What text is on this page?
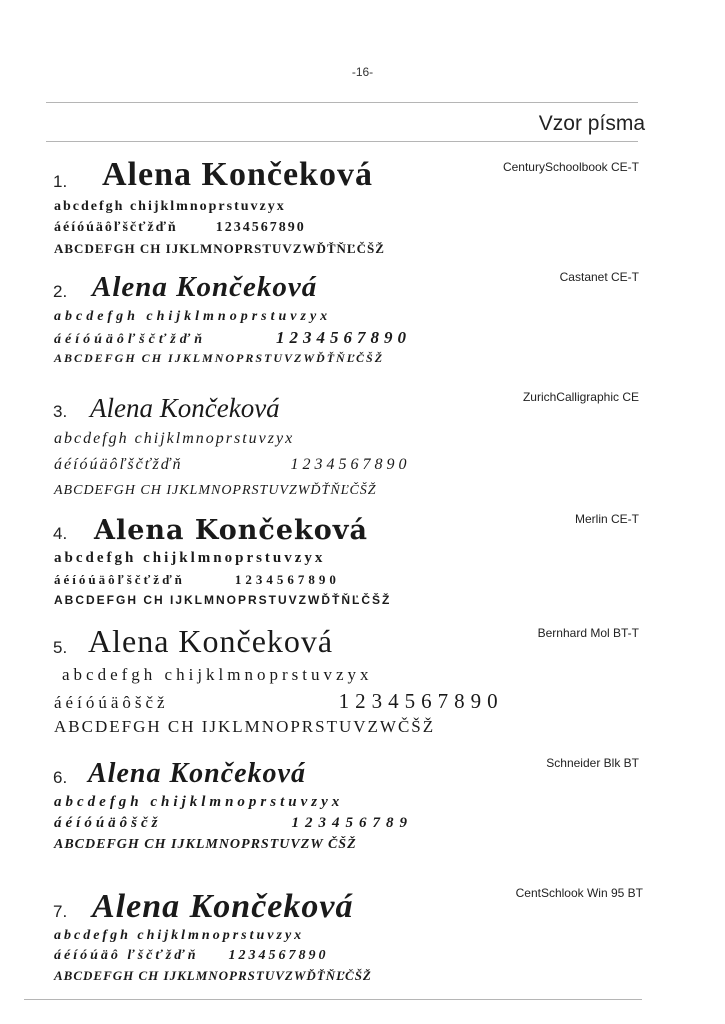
-16-
Vzor písma
1. Alena Končeková	CenturySchoolbook CE-T
abcdefgh chijklmnoprstuvzyx
áéíóúäôľščťžďň	1234567890
ABCDEFGH CH IJKLMNOPRSTUVZWĎŤŇĽČŠŽ
2. Alena Končeková	Castanet CE-T
abcdefgh chijklmnoprstuvzyx
áéíóúäôľščťžďň	1234567890
ABCDEFGH CH IJKLMNOPRSTUVZWĎŤŇĽČŠŽ
3. Alena Končeková	ZurichCalligraphic CE
abcdefgh chijklmnoprstuvzyx
áéíóúäôľščťžďň	1234567890
ABCDEFGH CH IJKLMNOPRSTUVZWĎŤŇĽČŠŽ
4. Alena Končeková	Merlin CE-T
abcdefgh chijklmnoprstuvzyx
áéíóúäôľščťžďň	1234567890
ABCDEFGH CH IJKLMNOPRSTUVZWĎŤŇĽČŠŽ
5. Alena Končeková	Bernhard Mol BT-T
abcdefgh chijklmnoprstuvzyx
áéíóúäôščž	1234567890
ABCDEFGH CH IJKLMNOPRSTUVZWČŠŽ
6. Alena Končeková	Schneider Blk BT
abcdefgh chijklmnoprstuvzyx
áéíóúäôščž	123456789
ABCDEFGH CH IJKLMNOPRSTUVZW ČŠŽ
7. Alena Končeková	CentSchlook Win 95 BT
abcdefgh chijklmnoprstuvzyx
áéíóúäô ľščťžďň 1234567890
ABCDEFGH CH IJKLMNOPRSTUVZWĎŤŇĽČŠŽ
